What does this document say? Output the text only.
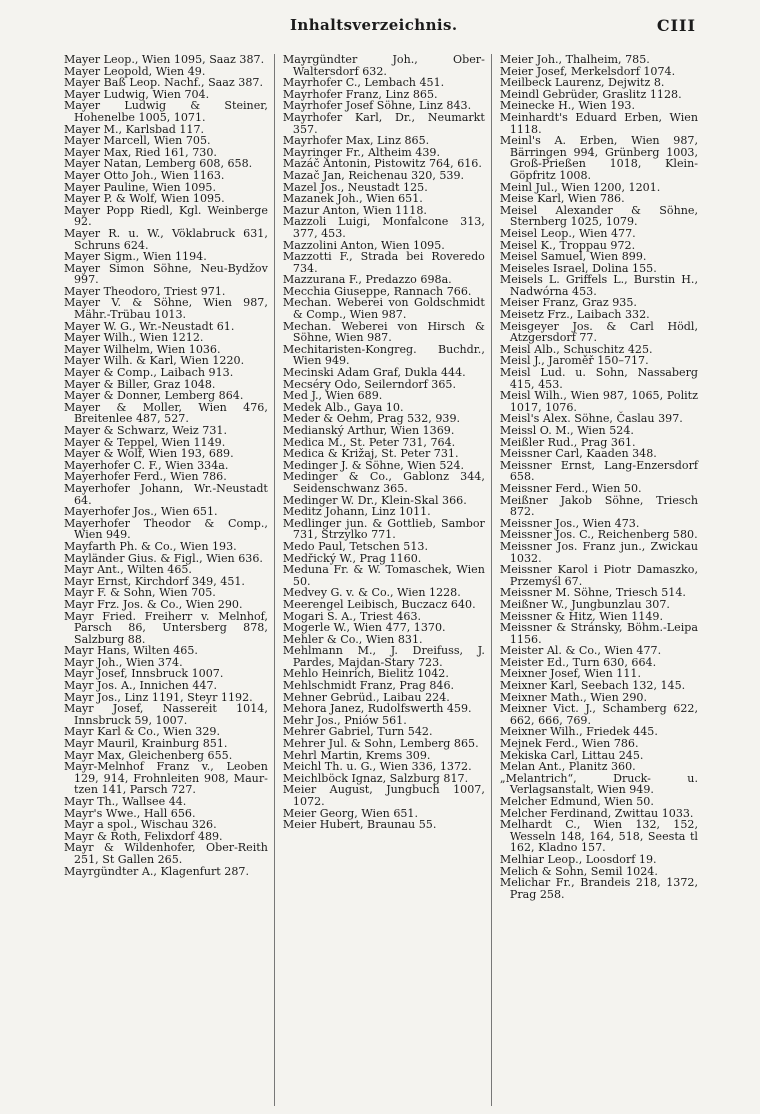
Inhaltsverzeichnis.	CIII
Mayer Leop., Wien 1095, Saaz 387.
Mayer Leopold, Wien 49.
Mayer Baß Leop. Nachf., Saaz 387.
Mayer Ludwig, Wien 704.
Mayer Ludwig & Steiner, Hohenelbe 1005, 1071.
Mayer M., Karlsbad 117.
Mayer Marcell, Wien 705.
Mayer Max, Ried 161, 730.
Mayer Natan, Lemberg 608, 658.
Mayer Otto Joh., Wien 1163.
Mayer Pauline, Wien 1095.
Mayer P. & Wolf, Wien 1095.
Mayer Popp Riedl, Kgl. Weinberge 92.
Mayer R. u. W., Vöklabruck 631, Schruns 624.
Mayer Sigm., Wien 1194.
Mayer Simon Söhne, Neu-Bydžov 997.
Mayer Theodoro, Triest 971.
Mayer V. & Söhne, Wien 987, Mähr.-Trübau 1013.
Mayer W. G., Wr.-Neustadt 61.
Mayer Wilh., Wien 1212.
Mayer Wilhelm, Wien 1036.
Mayer Wilh. & Karl, Wien 1220.
Mayer & Comp., Laibach 913.
Mayer & Biller, Graz 1048.
Mayer & Donner, Lemberg 864.
Mayer & Moller, Wien 476, Breitenlee 487, 527.
Mayer & Schwarz, Weiz 731.
Mayer & Teppel, Wien 1149.
Mayer & Wolf, Wien 193, 689.
Mayerhofer C. F., Wien 334a.
Mayerhofer Ferd., Wien 786.
Mayerhofer Johann, Wr.-Neustadt 64.
Mayerhofer Jos., Wien 651.
Mayerhofer Theodor & Comp., Wien 949.
Mayfarth Ph. & Co., Wien 193.
Mayländer Gius. & Figl., Wien 636.
Mayr Ant., Wilten 465.
Mayr Ernst, Kirchdorf 349, 451.
Mayr F. & Sohn, Wien 705.
Mayr Frz. Jos. & Co., Wien 290.
Mayr Fried. Freiherr v. Melnhof, Parsch 86, Untersberg 878, Salzburg 88.
Mayr Hans, Wilten 465.
Mayr Joh., Wien 374.
Mayr Josef, Innsbruck 1007.
Mayr Jos. A., Innichen 447.
Mayr Jos., Linz 1191, Steyr 1192.
Mayr Josef, Nassereit 1014, Innsbruck 59, 1007.
Mayr Karl & Co., Wien 329.
Mayr Mauril, Krainburg 851.
Mayr Max, Gleichenberg 655.
Mayr-Melnhof Franz v., Leoben 129, 914, Frohnleiten 908, Maur-tzen 141, Parsch 727.
Mayr Th., Wallsee 44.
Mayr's Wwe., Hall 656.
Mayr a spol., Wischau 326.
Mayr & Roth, Felixdorf 489.
Mayr & Wildenhofer, Ober-Reith 251, St Gallen 265.
Mayrgündter A., Klagenfurt 287.
Mayrgündter Joh., Ober-Waltersdorf 632.
Mayrhofer C., Lembach 451.
Mayrhofer Franz, Linz 865.
Mayrhofer Josef Söhne, Linz 843.
Mayrhofer Karl, Dr., Neumarkt 357.
Mayrhofer Max, Linz 865.
Mayringer Fr., Altheim 439.
Mazáč Antonin, Pistowitz 764, 616.
Mazač Jan, Reichenau 320, 539.
Mazel Jos., Neustadt 125.
Mazanek Joh., Wien 651.
Mazur Anton, Wien 1118.
Mazzoli Luigi, Monfalcone 313, 377, 453.
Mazzolini Anton, Wien 1095.
Mazzotti F., Strada bei Roveredo 734.
Mazzurana F., Predazzo 698a.
Mecchia Giuseppe, Rannach 766.
Mechan. Weberei von Goldschmidt & Comp., Wien 987.
Mechan. Weberei von Hirsch & Söhne, Wien 987.
Mechitaristen-Kongreg. Buchdr., Wien 949.
Mecinski Adam Graf, Dukla 444.
Mecséry Odo, Seilerndorf 365.
Med J., Wien 689.
Medek Alb., Gaya 10.
Meder & Oehm, Prag 532, 939.
Medianský Arthur, Wien 1369.
Medica M., St. Peter 731, 764.
Medica & Križaj, St. Peter 731.
Medinger J. & Söhne, Wien 524.
Medinger & Co., Gablonz 344, Seidenschwanz 365.
Medinger W. Dr., Klein-Skal 366.
Meditz Johann, Linz 1011.
Medlinger jun. & Gottlieb, Sambor 731, Strzylko 771.
Medo Paul, Tetschen 513.
Medřický W., Prag 1160.
Meduna Fr. & W. Tomaschek, Wien 50.
Medvey G. v. & Co., Wien 1228.
Meerengel Leibisch, Buczacz 640.
Mogari S. A., Triest 463.
Mogerle W., Wien 477, 1370.
Mehler & Co., Wien 831.
Mehlmann M., J. Dreifuss, J. Pardes, Majdan-Stary 723.
Mehlo Heinrich, Bielitz 1042.
Mehlschmidt Franz, Prag 846.
Mehner Gebrüd., Laibau 224.
Mehora Janez, Rudolfswerth 459.
Mehr Jos., Pniów 561.
Mehrer Gabriel, Turn 542.
Mehrer Jul. & Sohn, Lemberg 865.
Mehrl Martin, Krems 309.
Meichl Th. u. G., Wien 336, 1372.
Meichlböck Ignaz, Salzburg 817.
Meier August, Jungbuch 1007, 1072.
Meier Georg, Wien 651.
Meier Hubert, Braunau 55.
Meier Joh., Thalheim, 785.
Meier Josef, Merkelsdorf 1074.
Meilbeck Laurenz, Dejwitz 8.
Meindl Gebrüder, Graslitz 1128.
Meinecke H., Wien 193.
Meinhardt's Eduard Erben, Wien 1118.
Meinl's A. Erben, Wien 987, Bärringen 994, Grünberg 1003, Groß-Prießen 1018, Klein-Göpfritz 1008.
Meinl Jul., Wien 1200, 1201.
Meise Karl, Wien 786.
Meisel Alexander & Söhne, Sternberg 1025, 1079.
Meisel Leop., Wien 477.
Meisel K., Troppau 972.
Meisel Samuel, Wien 899.
Meiseles Israel, Dolina 155.
Meisels L. Griffels L., Burstin H., Nadwórna 453.
Meiser Franz, Graz 935.
Meisetz Frz., Laibach 332.
Meisgeyer Jos. & Carl Hödl, Atzgersdorf 77.
Meisl Alb., Schuschitz 425.
Meisl J., Jaroměř 150–717.
Meisl Lud. u. Sohn, Nassaberg 415, 453.
Meisl Wilh., Wien 987, 1065, Politz 1017, 1076.
Meisl's Alex. Söhne, Časlau 397.
Meissl O. M., Wien 524.
Meißler Rud., Prag 361.
Meissner Carl, Kaaden 348.
Meissner Ernst, Lang-Enzersdorf 658.
Meissner Ferd., Wien 50.
Meißner Jakob Söhne, Triesch 872.
Meissner Jos., Wien 473.
Meissner Jos. C., Reichenberg 580.
Meissner Jos. Franz jun., Zwickau 1032.
Meissner Karol i Piotr Damaszko, Przemyśl 67.
Meissner M. Söhne, Triesch 514.
Meißner W., Jungbunzlau 307.
Meissner & Hitz, Wien 1149.
Meissner & Stránsky, Böhm.-Leipa 1156.
Meister Al. & Co., Wien 477.
Meister Ed., Turn 630, 664.
Meixner Josef, Wien 111.
Meixner Karl, Seebach 132, 145.
Meixner Math., Wien 290.
Meixner Vict. J., Schamberg 622, 662, 666, 769.
Meixner Wilh., Friedek 445.
Mejnek Ferd., Wien 786.
Mekiska Carl, Littau 245.
Melan Ant., Planitz 360.
„Melantrich“, Druck- u. Verlagsanstalt, Wien 949.
Melcher Edmund, Wien 50.
Melcher Ferdinand, Zwittau 1033.
Melhardt C., Wien 132, 152, Wesseln 148, 164, 518, Seesta tl 162, Kladno 157.
Melhiar Leop., Loosdorf 19.
Melich & Sohn, Semil 1024.
Melichar Fr., Brandeis 218, 1372, Prag 258.
